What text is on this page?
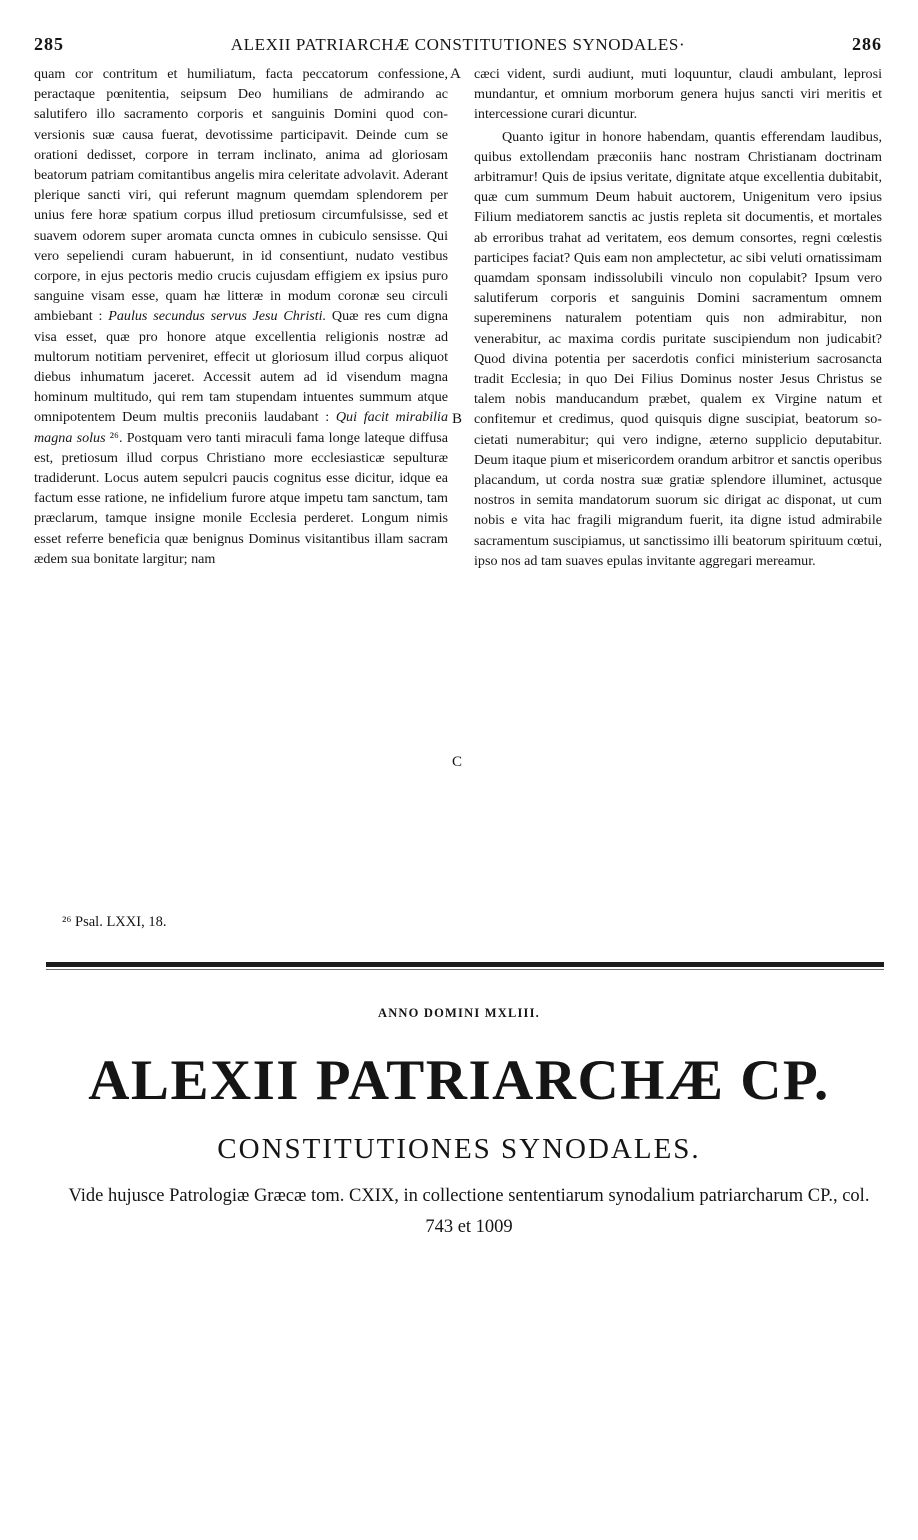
285	ALEXII PATRIARCHÆ CONSTITUTIONES SYNODALES·	286

quam cor contritum et humiliatum, facta peccatorum confessione, peractaque pœnitentia, seipsum Deo humilians de admirando ac salutifero illo sacramento corporis et sanguinis Domini quod conversionis suæ causa fuerat, devotissime participavit. Deinde cum se orationi dedisset, corpore in terram inclinato, anima ad gloriosam beatorum patriam comitantibus angelis mira celeritate advolavit. Aderant plerique sancti viri, qui referunt magnum quemdam splendorem per unius fere horæ spatium corpus illud pretiosum circumfulsisse, sed et suavem odorem super aromata cuncta omnes in cubiculo sensisse. Qui vero sepeliendi curam habuerunt, in id consentiunt, nudato vestibus corpore, in ejus pectoris medio crucis cujusdam effigiem ex ipsius puro sanguine visam esse, quam hæ litteræ in modum coronæ seu circuli ambiebant : Paulus secundus servus Jesu Christi. Quæ res cum digna visa esset, quæ pro honore atque excellentia religionis nostræ ad multorum notitiam perveniret, effecit ut gloriosum illud corpus aliquot diebus inhumatum jaceret. Accessit autem ad id visendum magna hominum multitudo, qui rem tam stupendam intuentes summum atque omnipotentem Deum multis preconiis laudabant : Qui facit mirabilia magna solus ²⁶. Postquam vero tanti miraculi fama longe lateque diffusa est, pretiosum illud corpus Christiano more ecclesiasticæ sepulturæ tradiderunt. Locus autem sepulcri paucis cognitus esse dicitur, idque ea factum esse ratione, ne infidelium furore atque impetu tam sanctum, tam præclarum, tamque insigne monile Ecclesia perderet. Longum nimis esset referre beneficia quæ benignus Dominus visitantibus illam sacram ædem sua bonitate largitur; nam

A
B
C

cæci vident, surdi audiunt, muti loquuntur, claudi ambulant, leprosi mundantur, et omnium morborum genera hujus sancti viri meritis et intercessione curari dicuntur.

Quanto igitur in honore habendam, quantis efferendam laudibus, quibus extollendam præconiis hanc nostram Christianam doctrinam arbitramur! Quis de ipsius veritate, dignitate atque excellentia dubitabit, quæ cum summum Deum habuit auctorem, Unigenitum vero ipsius Filium mediatorem sanctis ac justis repleta sit documentis, et mortales ab erroribus trahat ad veritatem, eos demum consortes, regni cœlestis participes faciat? Quis eam non amplectetur, ac sibi veluti ornatissimam quamdam sponsam indissolubili vinculo non copulabit? Ipsum vero salutiferum corporis et sanguinis Domini sacramentum omnem supereminens naturalem potentiam quis non admirabitur, non venerabitur, ac maxima cordis puritate suscipiendum non judicabit? Quod divina potentia per sacerdotis confici ministerium sacrosancta tradit Ecclesia; in quo Dei Filius Dominus noster Jesus Christus se talem nobis manducandum præbet, qualem ex Virgine natum et confitemur et credimus, quod quisquis digne suscipiat, beatorum societati numerabitur; qui vero indigne, æterno supplicio deputabitur. Deum itaque pium et misericordem orandum arbitror et sanctis operibus placandum, ut corda nostra suæ gratiæ splendore illuminet, actusque nostros in semita mandatorum suorum sic dirigat ac disponat, ut cum nobis e vita hac fragili migrandum fuerit, ita digne istud admirabile sacramentum suscipiamus, ut sanctissimo illi beatorum spirituum cœtui, ipso nos ad tam suaves epulas invitante aggregari mereamur.

²⁶ Psal. LXXI, 18.
ANNO DOMINI MXLIII.
ALEXII PATRIARCHÆ CP.
CONSTITUTIONES SYNODALES.
Vide hujusce Patrologiæ Græcæ tom. CXIX, in collectione sententiarum synodalium patriarcharum CP., col. 743 et 1009
